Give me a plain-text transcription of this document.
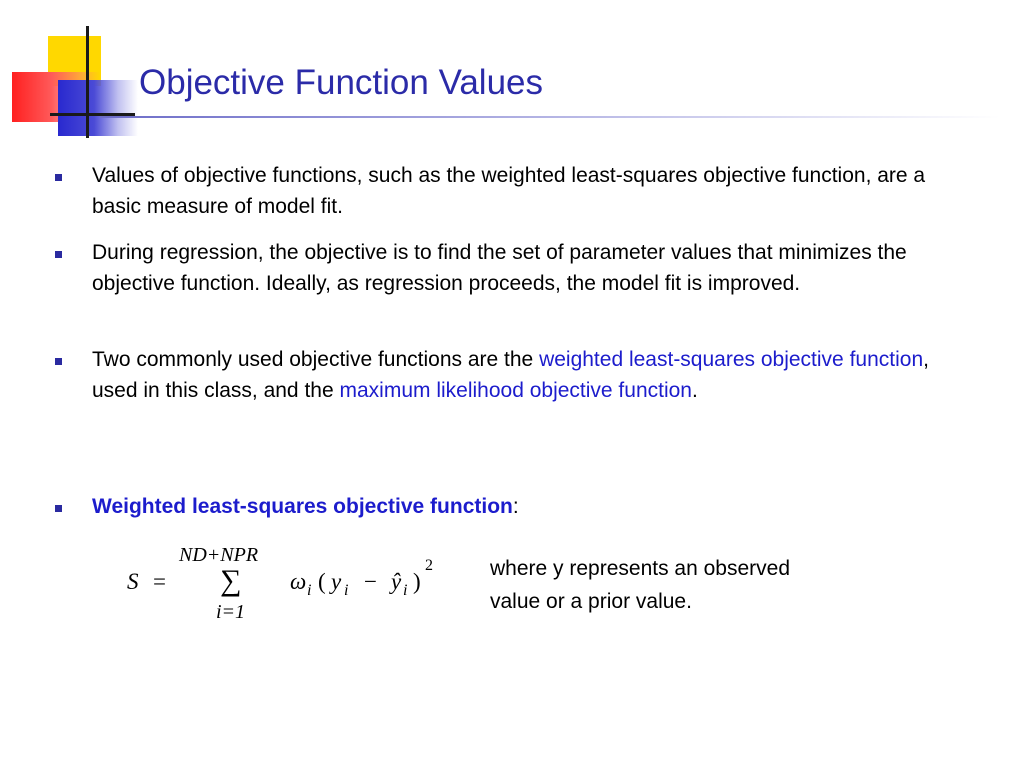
Objective Function Values
Values of objective functions, such as the weighted least-squares objective function, are a basic measure of model fit.
During regression, the objective is to find the set of parameter values that minimizes the objective function. Ideally, as regression proceeds, the model fit is improved.
Two commonly used objective functions are the weighted least-squares objective function, used in this class, and the maximum likelihood objective function.
Weighted least-squares objective function:
S =
ND+NPR
∑
i=1
ω i ( y i − ŷ i )
2	where y represents an observed
value or a prior value.
